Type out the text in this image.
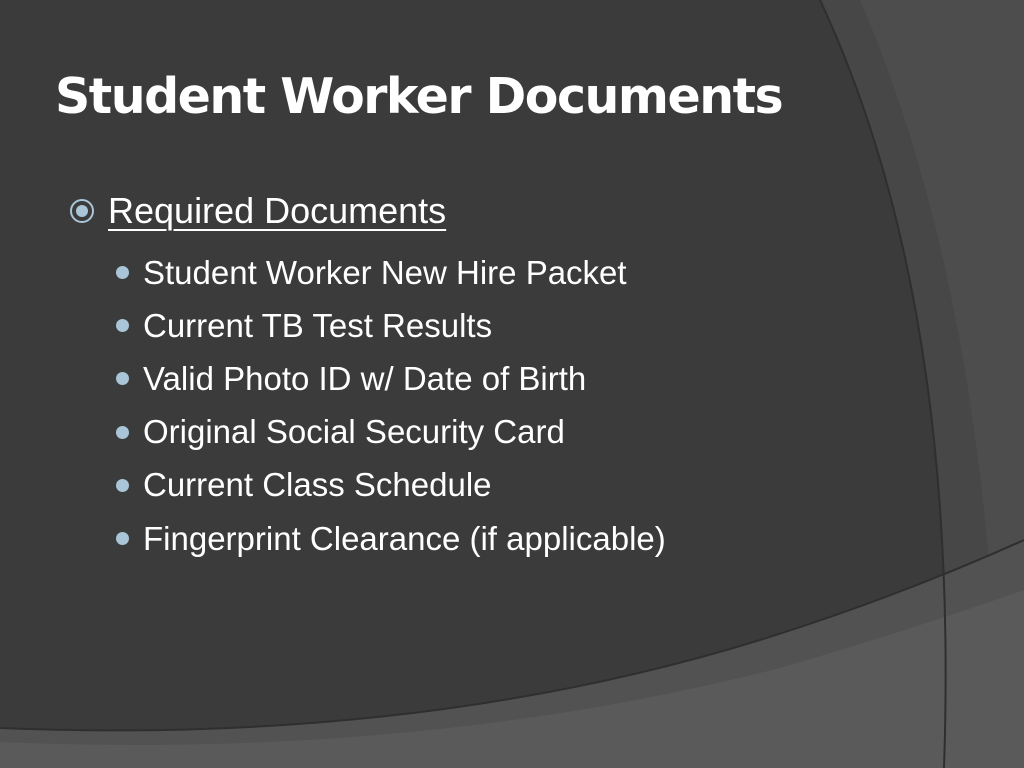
Student Worker Documents
Required Documents
Student Worker New Hire Packet
Current TB Test Results
Valid Photo ID w/ Date of Birth
Original Social Security Card
Current Class Schedule
Fingerprint Clearance (if applicable)
